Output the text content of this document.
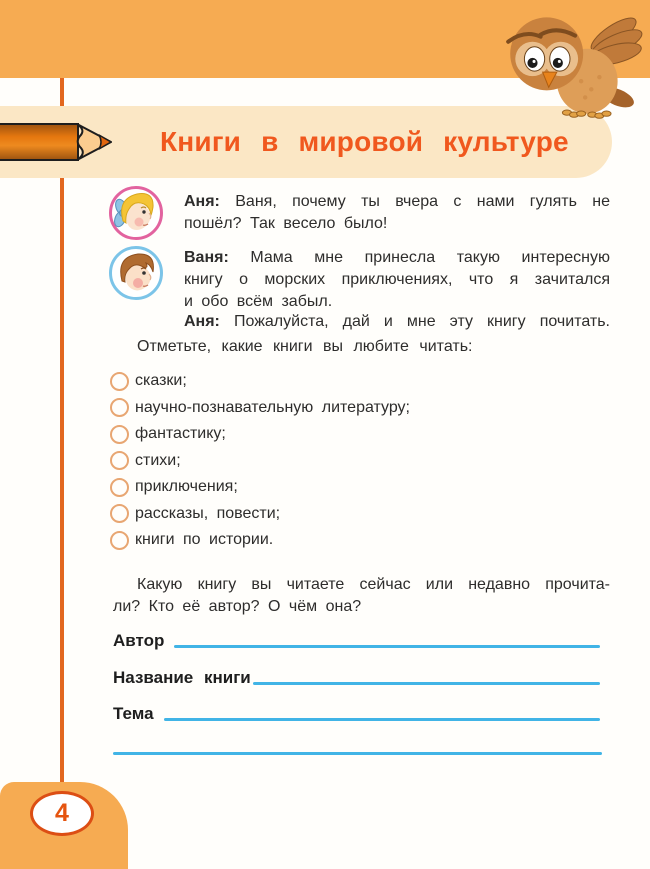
Книги в мировой культуре
Аня: Ваня, почему ты вчера с нами гулять не
пошёл? Так весело было!
Ваня: Мама мне принесла такую интересную
книгу о морских приключениях, что я зачитался
и обо всём забыл.
Аня: Пожалуйста, дай и мне эту книгу почитать.
Отметьте, какие книги вы любите читать:
сказки;
научно-познавательную литературу;
фантастику;
стихи;
приключения;
рассказы, повести;
книги по истории.
Какую книгу вы читаете сейчас или недавно прочита-
ли? Кто её автор? О чём она?
Автор
Название книги
Тема
4
